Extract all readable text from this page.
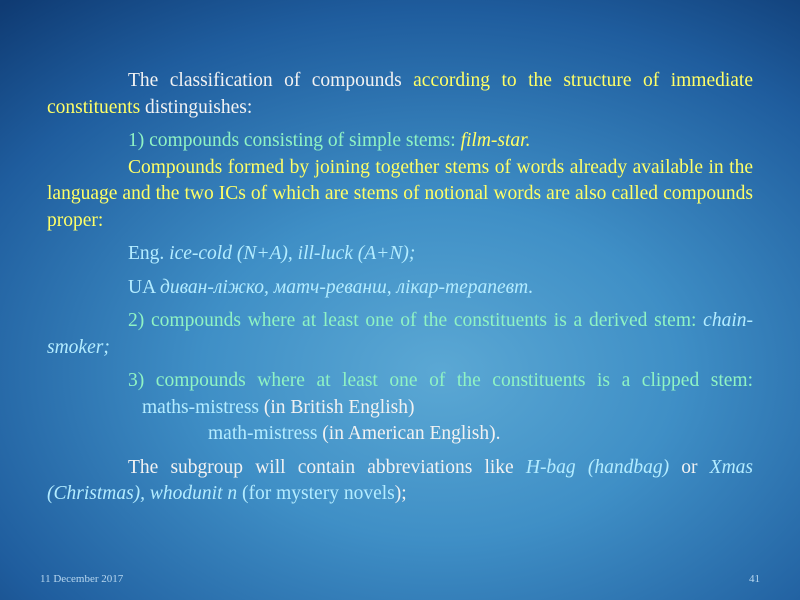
The classification of compounds according to the structure of immediate constituents distinguishes:

1) compounds consisting of simple stems: film-star.

Compounds formed by joining together stems of words already available in the language and the two ICs of which are stems of notional words are also called compounds proper:

Eng. ice-cold (N+A), ill-luck (A+N);

UA диван-ліжко, матч-реванш, лікар-терапевт.

2) compounds where at least one of the constituents is a derived stem: chain-smoker;

3) compounds where at least one of the constituents is a clipped stem:maths-mistress (in British English)

math-mistress (in American English).

The subgroup will contain abbreviations like H-bag (handbag) or Xmas (Christmas), whodunit n (for mystery novels);

11 December 2017	41
